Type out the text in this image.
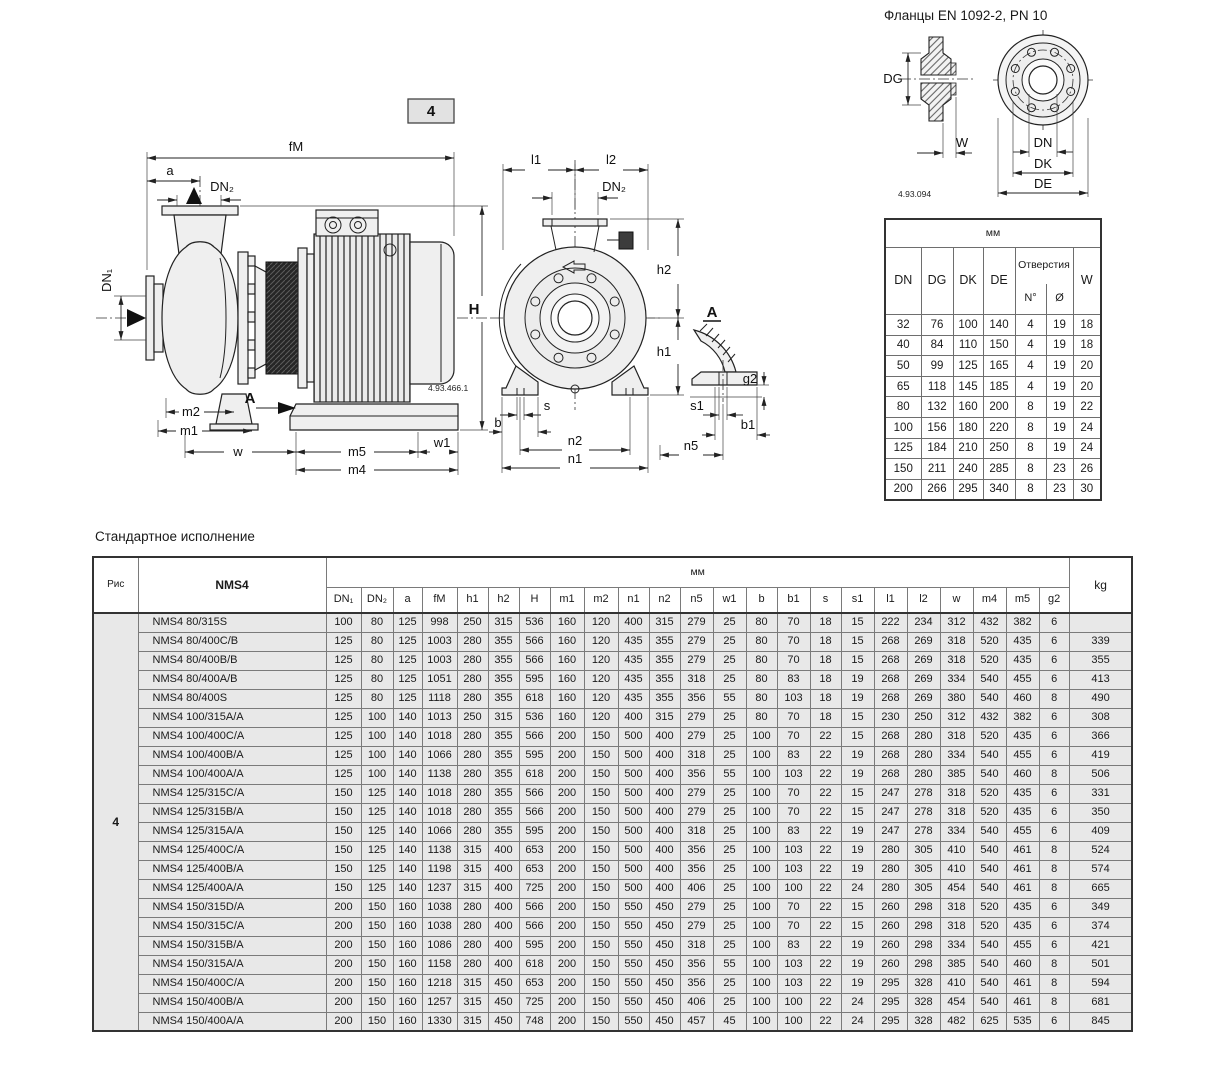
4
fM
a
DN₂
DN₁
H
m2
m1
w	m5
w1
m4
A
4.93.466.1
l1	l2
DN₂
h2
h1
s
b
n2
n1
A
g2
s1
b1
n5
DG
W
4.93.094
DN
DK
DE
Фланцы EN 1092-2, PN 10
Стандартное исполнение
мм						
DN	DG	DK	DE	Отверстия		W
				N°	Ø	
32	76	100	140	4	19	18
40	84	110	150	4	19	18
50	99	125	165	4	19	20
65	118	145	185	4	19	20
80	132	160	200	8	19	22
100	156	180	220	8	19	24
125	184	210	250	8	19	24
150	211	240	285	8	23	26
200	266	295	340	8	23	30
Рис	NMS4	мм																							kg
		DN₁	DN₂	a	fM	h1	h2	H	m1	m2	n1	n2	n5	w1	b	b1	s	s1	l1	l2	w	m4	m5	g2	
4	NMS4 80/315S	100	80	125	998	250	315	536	160	120	400	315	279	25	80	70	18	15	222	234	312	432	382	6	
	NMS4 80/400C/B	125	80	125	1003	280	355	566	160	120	435	355	279	25	80	70	18	15	268	269	318	520	435	6	339
	NMS4 80/400B/B	125	80	125	1003	280	355	566	160	120	435	355	279	25	80	70	18	15	268	269	318	520	435	6	355
	NMS4 80/400A/B	125	80	125	1051	280	355	595	160	120	435	355	318	25	80	83	18	19	268	269	334	540	455	6	413
	NMS4 80/400S	125	80	125	1118	280	355	618	160	120	435	355	356	55	80	103	18	19	268	269	380	540	460	8	490
	NMS4 100/315A/A	125	100	140	1013	250	315	536	160	120	400	315	279	25	80	70	18	15	230	250	312	432	382	6	308
	NMS4 100/400C/A	125	100	140	1018	280	355	566	200	150	500	400	279	25	100	70	22	15	268	280	318	520	435	6	366
	NMS4 100/400B/A	125	100	140	1066	280	355	595	200	150	500	400	318	25	100	83	22	19	268	280	334	540	455	6	419
	NMS4 100/400A/A	125	100	140	1138	280	355	618	200	150	500	400	356	55	100	103	22	19	268	280	385	540	460	8	506
	NMS4 125/315C/A	150	125	140	1018	280	355	566	200	150	500	400	279	25	100	70	22	15	247	278	318	520	435	6	331
	NMS4 125/315B/A	150	125	140	1018	280	355	566	200	150	500	400	279	25	100	70	22	15	247	278	318	520	435	6	350
	NMS4 125/315A/A	150	125	140	1066	280	355	595	200	150	500	400	318	25	100	83	22	19	247	278	334	540	455	6	409
	NMS4 125/400C/A	150	125	140	1138	315	400	653	200	150	500	400	356	25	100	103	22	19	280	305	410	540	461	8	524
	NMS4 125/400B/A	150	125	140	1198	315	400	653	200	150	500	400	356	25	100	103	22	19	280	305	410	540	461	8	574
	NMS4 125/400A/A	150	125	140	1237	315	400	725	200	150	500	400	406	25	100	100	22	24	280	305	454	540	461	8	665
	NMS4 150/315D/A	200	150	160	1038	280	400	566	200	150	550	450	279	25	100	70	22	15	260	298	318	520	435	6	349
	NMS4 150/315C/A	200	150	160	1038	280	400	566	200	150	550	450	279	25	100	70	22	15	260	298	318	520	435	6	374
	NMS4 150/315B/A	200	150	160	1086	280	400	595	200	150	550	450	318	25	100	83	22	19	260	298	334	540	455	6	421
	NMS4 150/315A/A	200	150	160	1158	280	400	618	200	150	550	450	356	55	100	103	22	19	260	298	385	540	460	8	501
	NMS4 150/400C/A	200	150	160	1218	315	450	653	200	150	550	450	356	25	100	103	22	19	295	328	410	540	461	8	594
	NMS4 150/400B/A	200	150	160	1257	315	450	725	200	150	550	450	406	25	100	100	22	24	295	328	454	540	461	8	681
	NMS4 150/400A/A	200	150	160	1330	315	450	748	200	150	550	450	457	45	100	100	22	24	295	328	482	625	535	6	845
